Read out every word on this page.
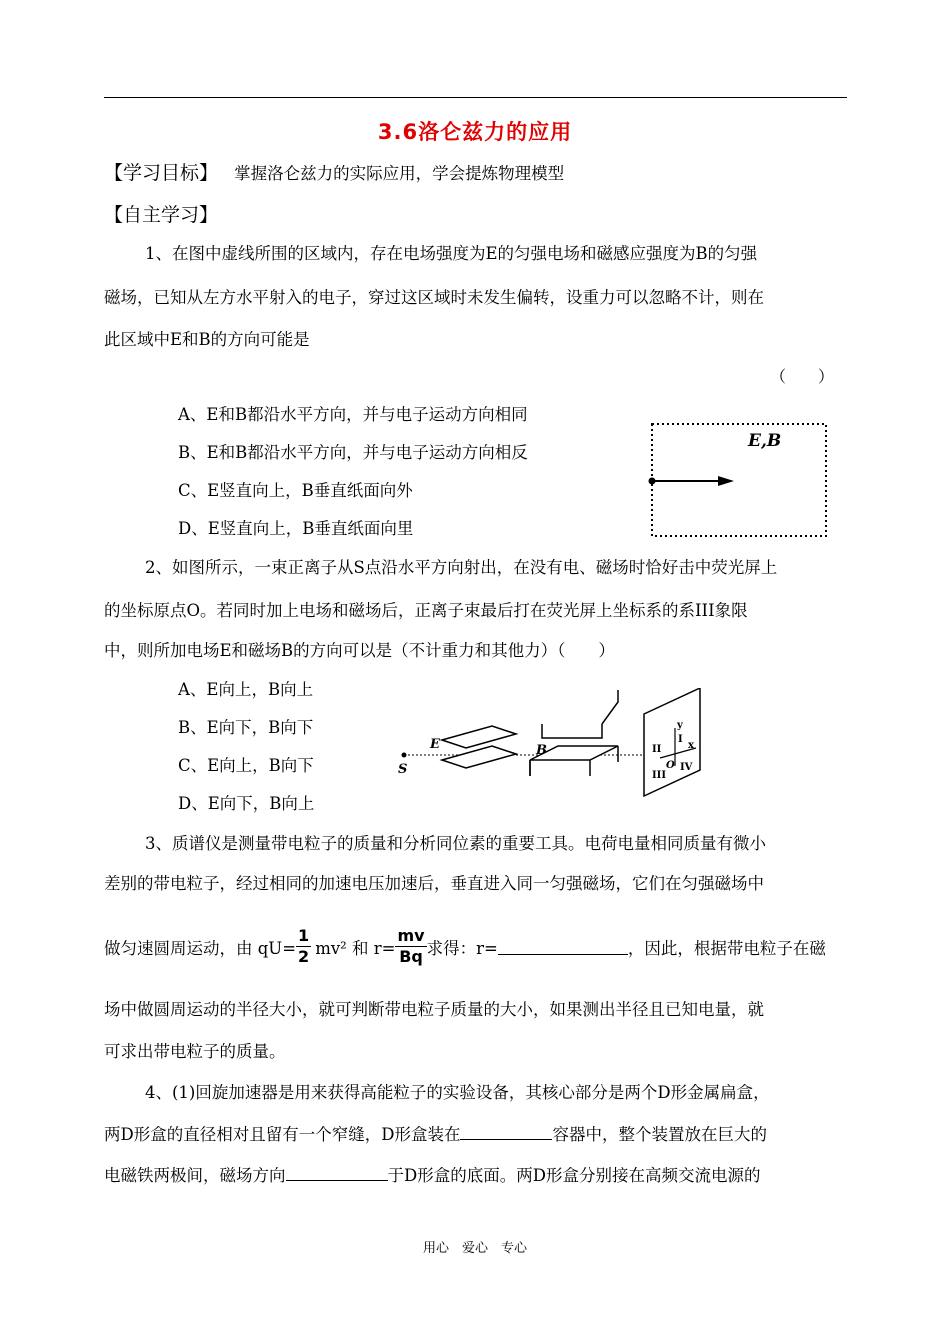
3.6洛仑兹力的应用
【学习目标】 掌握洛仑兹力的实际应用，学会提炼物理模型
【自主学习】
1、在图中虚线所围的区域内，存在电场强度为E的匀强电场和磁感应强度为B的匀强
磁场，已知从左方水平射入的电子，穿过这区域时未发生偏转，设重力可以忽略不计，则在
此区域中E和B的方向可能是
（　　）
A、E和B都沿水平方向，并与电子运动方向相同
B、E和B都沿水平方向，并与电子运动方向相反
C、E竖直向上，B垂直纸面向外
D、E竖直向上，B垂直纸面向里
E,B
2、如图所示，一束正离子从S点沿水平方向射出，在没有电、磁场时恰好击中荧光屏上
的坐标原点O。若同时加上电场和磁场后，正离子束最后打在荧光屏上坐标系的系III象限
中，则所加电场E和磁场B的方向可以是（不计重力和其他力）（　　）
A、E向上，B向上
B、E向下，B向下
C、E向上，B向下
D、E向下，B向上
S
E	B
y
x
I
II
III
IV
O
3、质谱仪是测量带电粒子的质量和分析同位素的重要工具。电荷电量相同质量有微小
差别的带电粒子，经过相同的加速电压加速后，垂直进入同一匀强磁场，它们在匀强磁场中
做匀速圆周运动，由 $qU= \frac{1}{2} mv^2$ 和 $r= \frac{mv}{Bq}$ 求得：r=	，因此，根据带电粒子在磁
场中做圆周运动的半径大小，就可判断带电粒子质量的大小，如果测出半径且已知电量，就
可求出带电粒子的质量。
4、(1)回旋加速器是用来获得高能粒子的实验设备，其核心部分是两个D形金属扁盒，
两D形盒的直径相对且留有一个窄缝，D形盒装在	容器中，整个装置放在巨大的
电磁铁两极间，磁场方向	于D形盒的底面。两D形盒分别接在高频交流电源的
用心　爱心　专心
